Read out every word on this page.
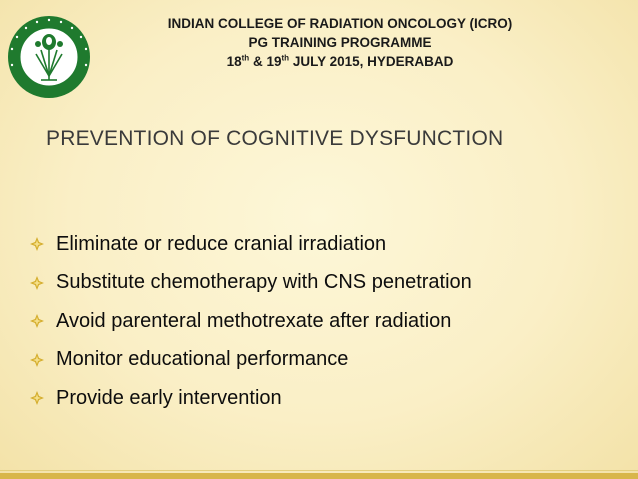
INDIAN COLLEGE OF RADIATION ONCOLOGY (ICRO)
PG TRAINING PROGRAMME
18th & 19th JULY 2015, HYDERABAD
PREVENTION OF COGNITIVE DYSFUNCTION
Eliminate or reduce cranial irradiation
Substitute chemotherapy with CNS penetration
Avoid parenteral methotrexate after radiation
Monitor educational performance
Provide early intervention
